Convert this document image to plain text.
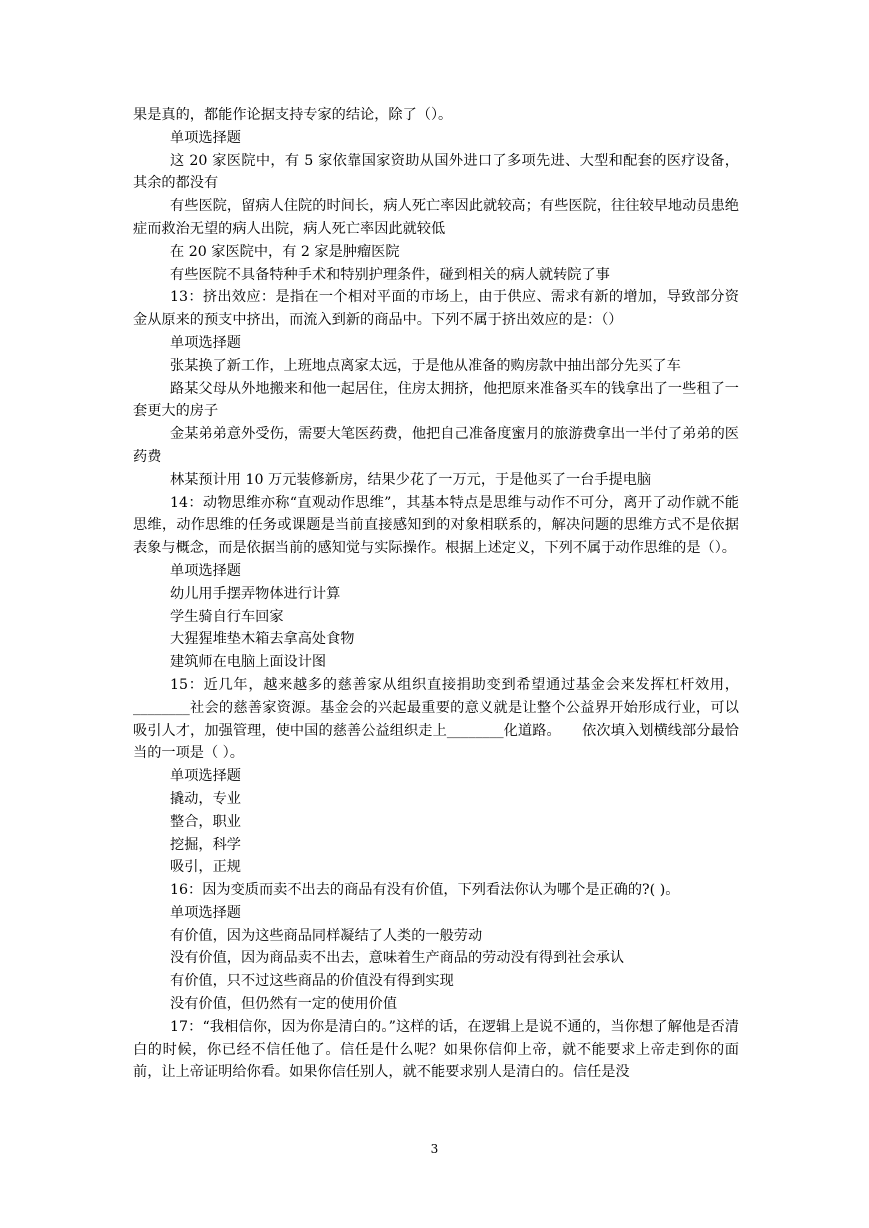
果是真的，都能作论据支持专家的结论，除了（）。

单项选择题

这 20 家医院中，有 5 家依靠国家资助从国外进口了多项先进、大型和配套的医疗设备，其余的都没有

有些医院，留病人住院的时间长，病人死亡率因此就较高；有些医院，往往较早地动员患绝症而救治无望的病人出院，病人死亡率因此就较低

在 20 家医院中，有 2 家是肿瘤医院

有些医院不具备特种手术和特别护理条件，碰到相关的病人就转院了事

13：挤出效应：是指在一个相对平面的市场上，由于供应、需求有新的增加，导致部分资金从原来的预支中挤出，而流入到新的商品中。下列不属于挤出效应的是：（）

单项选择题

张某换了新工作，上班地点离家太远，于是他从准备的购房款中抽出部分先买了车

路某父母从外地搬来和他一起居住，住房太拥挤，他把原来准备买车的钱拿出了一些租了一套更大的房子

金某弟弟意外受伤，需要大笔医药费，他把自己准备度蜜月的旅游费拿出一半付了弟弟的医药费

林某预计用 10 万元装修新房，结果少花了一万元，于是他买了一台手提电脑

14：动物思维亦称“直观动作思维”，其基本特点是思维与动作不可分，离开了动作就不能思维，动作思维的任务或课题是当前直接感知到的对象相联系的，解决问题的思维方式不是依据表象与概念，而是依据当前的感知觉与实际操作。根据上述定义，下列不属于动作思维的是（）。

单项选择题

幼儿用手摆弄物体进行计算

学生骑自行车回家

大猩猩堆垫木箱去拿高处食物

建筑师在电脑上面设计图

15：近几年，越来越多的慈善家从组织直接捐助变到希望通过基金会来发挥杠杆效用，________社会的慈善家资源。基金会的兴起最重要的意义就是让整个公益界开始形成行业，可以吸引人才，加强管理，使中国的慈善公益组织走上________化道路。　　依次填入划横线部分最恰当的一项是（ ）。

单项选择题

撬动，专业

整合，职业

挖掘，科学

吸引，正规

16：因为变质而卖不出去的商品有没有价值，下列看法你认为哪个是正确的?( )。

单项选择题

有价值，因为这些商品同样凝结了人类的一般劳动

没有价值，因为商品卖不出去，意味着生产商品的劳动没有得到社会承认

有价值，只不过这些商品的价值没有得到实现

没有价值，但仍然有一定的使用价值

17：“我相信你，因为你是清白的。”这样的话，在逻辑上是说不通的，当你想了解他是否清白的时候，你已经不信任他了。信任是什么呢？如果你信仰上帝，就不能要求上帝走到你的面前，让上帝证明给你看。如果你信任别人，就不能要求别人是清白的。信任是没

3
